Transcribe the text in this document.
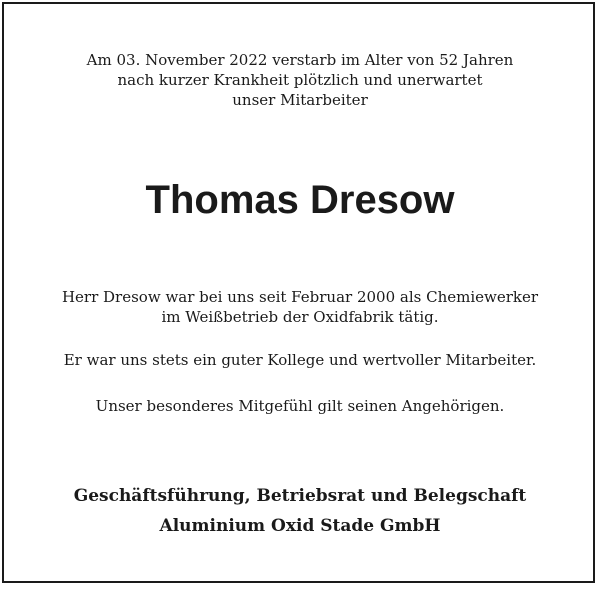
Am 03. November 2022 verstarb im Alter von 52 Jahren
nach kurzer Krankheit plötzlich und unerwartet
unser Mitarbeiter
Thomas Dresow
Herr Dresow war bei uns seit Februar 2000 als Chemiewerker
im Weißbetrieb der Oxidfabrik tätig.
Er war uns stets ein guter Kollege und wertvoller Mitarbeiter.
Unser besonderes Mitgefühl gilt seinen Angehörigen.
Geschäftsführung, Betriebsrat und Belegschaft
Aluminium Oxid Stade GmbH
